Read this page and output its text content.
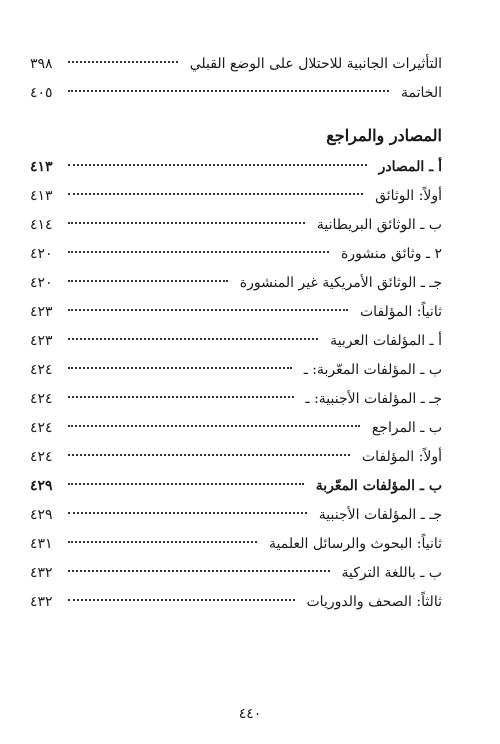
التأثيرات الجانبية للاحتلال على الوضع القبلي
٣٩٨
الخاتمة
٤٠٥
المصادر والمراجع
أ ـ المصادر
٤١٣
أولاً: الوثائق
٤١٣
ب ـ الوثائق البريطانية
٤١٤
٢ ـ وثائق منشورة
٤٢٠
جـ ـ الوثائق الأمريكية غير المنشورة
٤٢٠
ثانياً: المؤلفات
٤٢٣
أ ـ المؤلفات العربية
٤٢٣
ب ـ المؤلفات المعّربة: ـ
٤٢٤
جـ ـ المؤلفات الأجنبية: ـ
٤٢٤
ب ـ المراجع
٤٢٤
أولاً: المؤلفات
٤٢٤
ب ـ المؤلفات المعّربة
٤٢٩
جـ ـ المؤلفات الأجنبية
٤٢٩
ثانياً: البحوث والرسائل العلمية
٤٣١
ب ـ باللغة التركية
٤٣٢
ثالثاً: الصحف والدوريات
٤٣٢
٤٤٠
